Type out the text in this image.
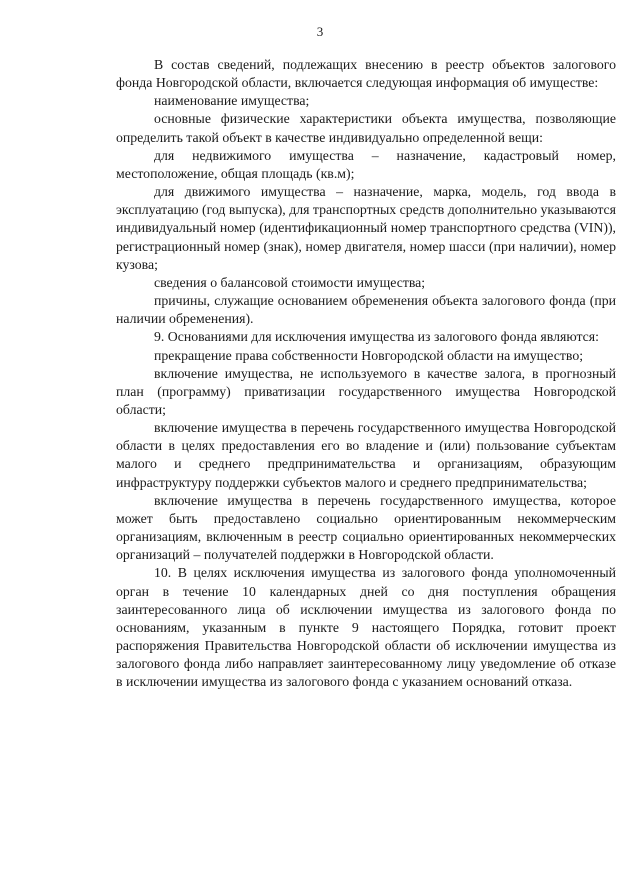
3

В состав сведений, подлежащих внесению в реестр объектов залогового фонда Новгородской области, включается следующая информация об имуществе:

наименование имущества;

основные физические характеристики объекта имущества, позволяющие определить такой объект в качестве индивидуально определенной вещи:

для недвижимого имущества – назначение, кадастровый номер, местоположение, общая площадь (кв.м);

для движимого имущества – назначение, марка, модель, год ввода в эксплуатацию (год выпуска), для транспортных средств дополнительно указываются индивидуальный номер (идентификационный номер транспортного средства (VIN)), регистрационный номер (знак), номер двигателя, номер шасси (при наличии), номер кузова;

сведения о балансовой стоимости имущества;

причины, служащие основанием обременения объекта залогового фонда (при наличии обременения).

9. Основаниями для исключения имущества из залогового фонда являются:

прекращение права собственности Новгородской области на имущество;

включение имущества, не используемого в качестве залога, в прогнозный план (программу) приватизации государственного имущества Новгородской области;

включение имущества в перечень государственного имущества Новгородской области в целях предоставления его во владение и (или) пользование субъектам малого и среднего предпринимательства и организациям, образующим инфраструктуру поддержки субъектов малого и среднего предпринимательства;

включение имущества в перечень государственного имущества, которое может быть предоставлено социально ориентированным некоммерческим организациям, включенным в реестр социально ориентированных некоммерческих организаций – получателей поддержки в Новгородской области.

10. В целях исключения имущества из залогового фонда уполномоченный орган в течение 10 календарных дней со дня поступления обращения заинтересованного лица об исключении имущества из залогового фонда по основаниям, указанным в пункте 9 настоящего Порядка, готовит проект распоряжения Правительства Новгородской области об исключении имущества из залогового фонда либо направляет заинтересованному лицу уведомление об отказе в исключении имущества из залогового фонда с указанием оснований отказа.
